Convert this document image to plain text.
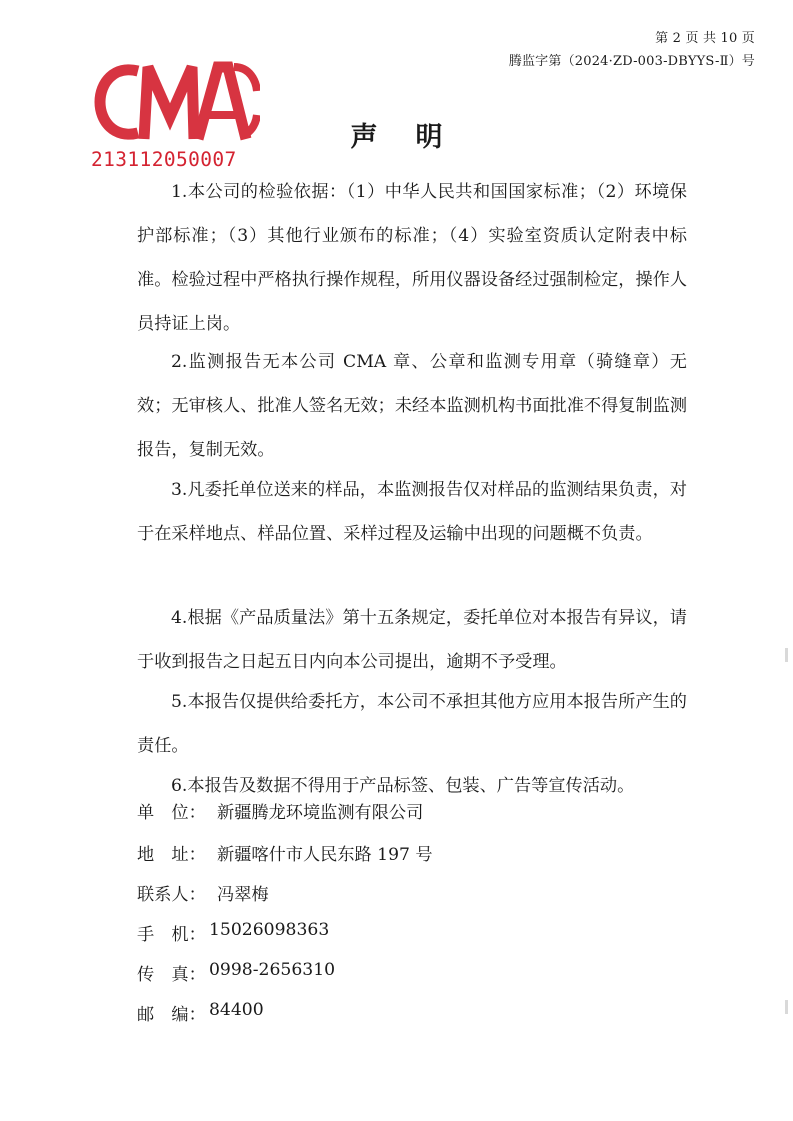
第 2 页 共 10 页
腾监字第（2024·ZD-003-DBYYS-Ⅱ）号
213112050007
声明

1.本公司的检验依据：（1）中华人民共和国国家标准；（2）环境保护部标准；（3）其他行业颁布的标准；（4）实验室资质认定附表中标准。检验过程中严格执行操作规程，所用仪器设备经过强制检定，操作人员持证上岗。

2.监测报告无本公司 CMA 章、公章和监测专用章（骑缝章）无效；无审核人、批准人签名无效；未经本监测机构书面批准不得复制监测报告，复制无效。

3.凡委托单位送来的样品，本监测报告仅对样品的监测结果负责，对于在采样地点、样品位置、采样过程及运输中出现的问题概不负责。

4.根据《产品质量法》第十五条规定，委托单位对本报告有异议，请于收到报告之日起五日内向本公司提出，逾期不予受理。

5.本报告仅提供给委托方，本公司不承担其他方应用本报告所产生的责任。

6.本报告及数据不得用于产品标签、包装、广告等宣传活动。

单　位： 新疆腾龙环境监测有限公司
地　址： 新疆喀什市人民东路 197 号
联系人： 冯翠梅
手　机： 15026098363
传　真： 0998-2656310
邮　编： 84400
